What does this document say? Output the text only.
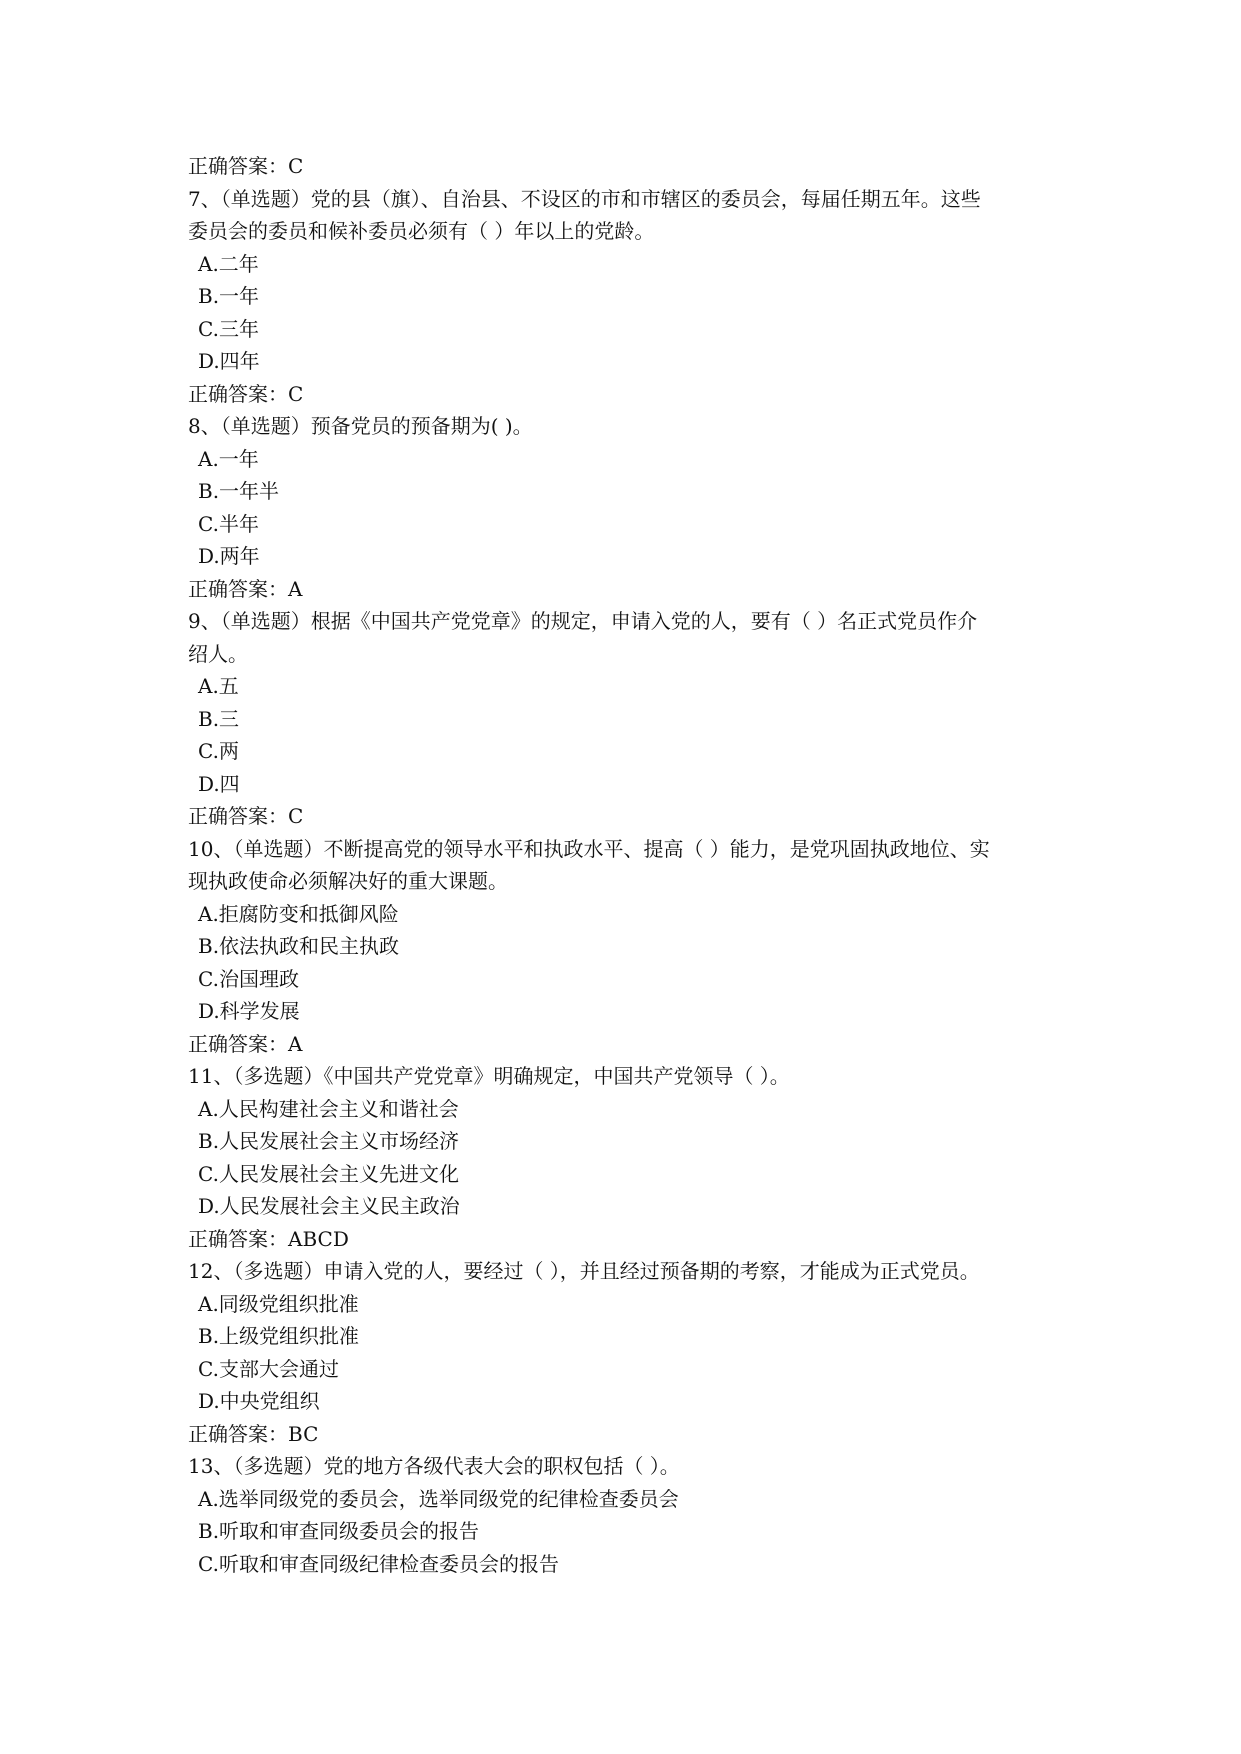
正确答案：C

7、（单选题）党的县（旗）、自治县、不设区的市和市辖区的委员会，每届任期五年。这些

委员会的委员和候补委员必须有（ ）年以上的党龄。

A.二年

B.一年

C.三年

D.四年

正确答案：C

8、（单选题）预备党员的预备期为( )。

A.一年

B.一年半

C.半年

D.两年

正确答案：A

9、（单选题）根据《中国共产党党章》的规定，申请入党的人，要有（ ）名正式党员作介

绍人。

A.五

B.三

C.两

D.四

正确答案：C

10、（单选题）不断提高党的领导水平和执政水平、提高（ ）能力，是党巩固执政地位、实

现执政使命必须解决好的重大课题。

A.拒腐防变和抵御风险

B.依法执政和民主执政

C.治国理政

D.科学发展

正确答案：A

11、（多选题）《中国共产党党章》明确规定，中国共产党领导（ ）。

A.人民构建社会主义和谐社会

B.人民发展社会主义市场经济

C.人民发展社会主义先进文化

D.人民发展社会主义民主政治

正确答案：ABCD

12、（多选题）申请入党的人，要经过（ ），并且经过预备期的考察，才能成为正式党员。

A.同级党组织批准

B.上级党组织批准

C.支部大会通过

D.中央党组织

正确答案：BC

13、（多选题）党的地方各级代表大会的职权包括（ ）。

A.选举同级党的委员会，选举同级党的纪律检查委员会

B.听取和审查同级委员会的报告

C.听取和审查同级纪律检查委员会的报告
